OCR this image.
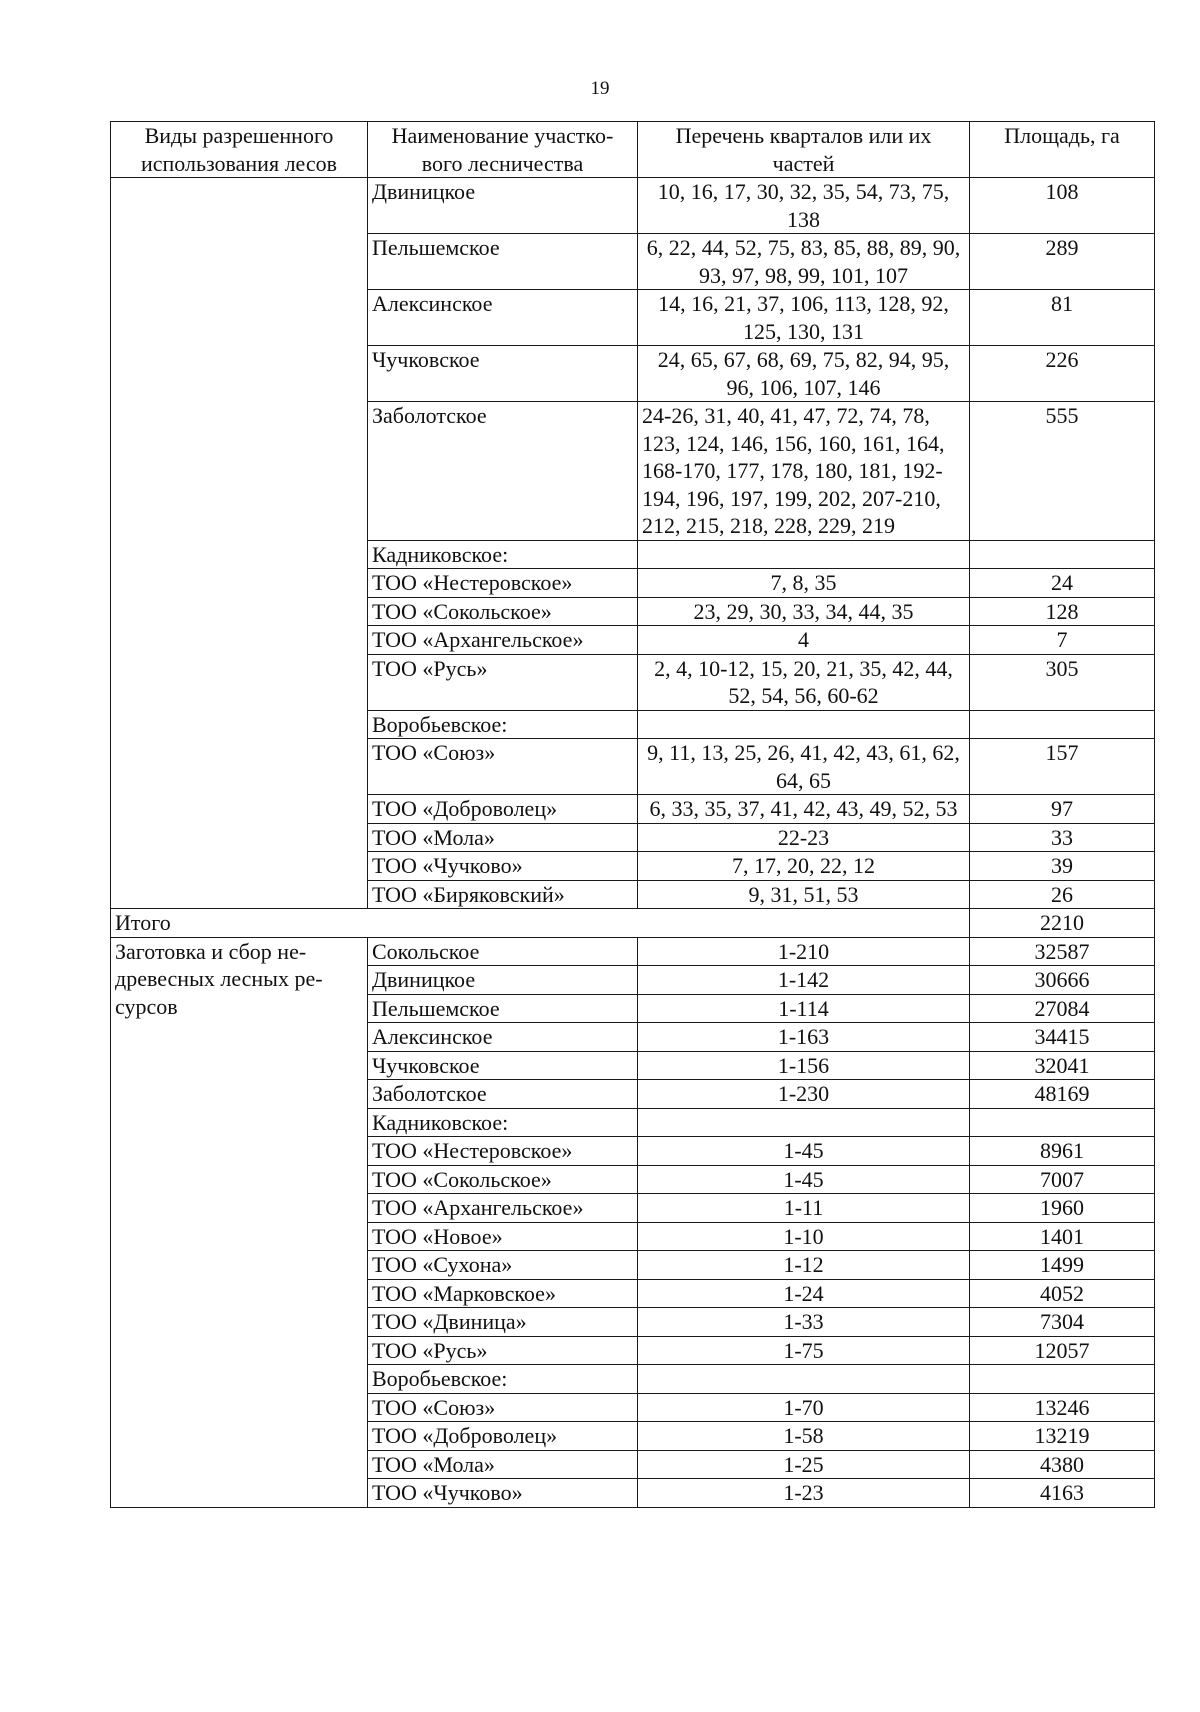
19
Виды разрешенного использования лесов	Наименование участко-вого лесничества	Перечень кварталов или их частей	Площадь, га
	Двиницкое	10, 16, 17, 30, 32, 35, 54, 73, 75, 138	108
	Пельшемское	6, 22, 44, 52, 75, 83, 85, 88, 89, 90, 93, 97, 98, 99, 101, 107	289
	Алексинское	14, 16, 21, 37, 106, 113, 128, 92, 125, 130, 131	81
	Чучковское	24, 65, 67, 68, 69, 75, 82, 94, 95, 96, 106, 107, 146	226
	Заболотское	24-26, 31, 40, 41, 47, 72, 74, 78, 123, 124, 146, 156, 160, 161, 164, 168-170, 177, 178, 180, 181, 192-194, 196, 197, 199, 202, 207-210, 212, 215, 218, 228, 229, 219	555
	Кадниковское:		
	ТОО «Нестеровское»	7, 8, 35	24
	ТОО «Сокольское»	23, 29, 30, 33, 34, 44, 35	128
	ТОО «Архангельское»	4	7
	ТОО «Русь»	2, 4, 10-12, 15, 20, 21, 35, 42, 44, 52, 54, 56, 60-62	305
	Воробьевское:		
	ТОО «Союз»	9, 11, 13, 25, 26, 41, 42, 43, 61, 62, 64, 65	157
	ТОО «Доброволец»	6, 33, 35, 37, 41, 42, 43, 49, 52, 53	97
	ТОО «Мола»	22-23	33
	ТОО «Чучково»	7, 17, 20, 22, 12	39
	ТОО «Биряковский»	9, 31, 51, 53	26
Итого			2210
Заготовка и сбор не-древесных лесных ре-сурсов	Сокольское	1-210	32587
	Двиницкое	1-142	30666
	Пельшемское	1-114	27084
	Алексинское	1-163	34415
	Чучковское	1-156	32041
	Заболотское	1-230	48169
	Кадниковское:		
	ТОО «Нестеровское»	1-45	8961
	ТОО «Сокольское»	1-45	7007
	ТОО «Архангельское»	1-11	1960
	ТОО «Новое»	1-10	1401
	ТОО «Сухона»	1-12	1499
	ТОО «Марковское»	1-24	4052
	ТОО «Двиница»	1-33	7304
	ТОО «Русь»	1-75	12057
	Воробьевское:		
	ТОО «Союз»	1-70	13246
	ТОО «Доброволец»	1-58	13219
	ТОО «Мола»	1-25	4380
	ТОО «Чучково»	1-23	4163
